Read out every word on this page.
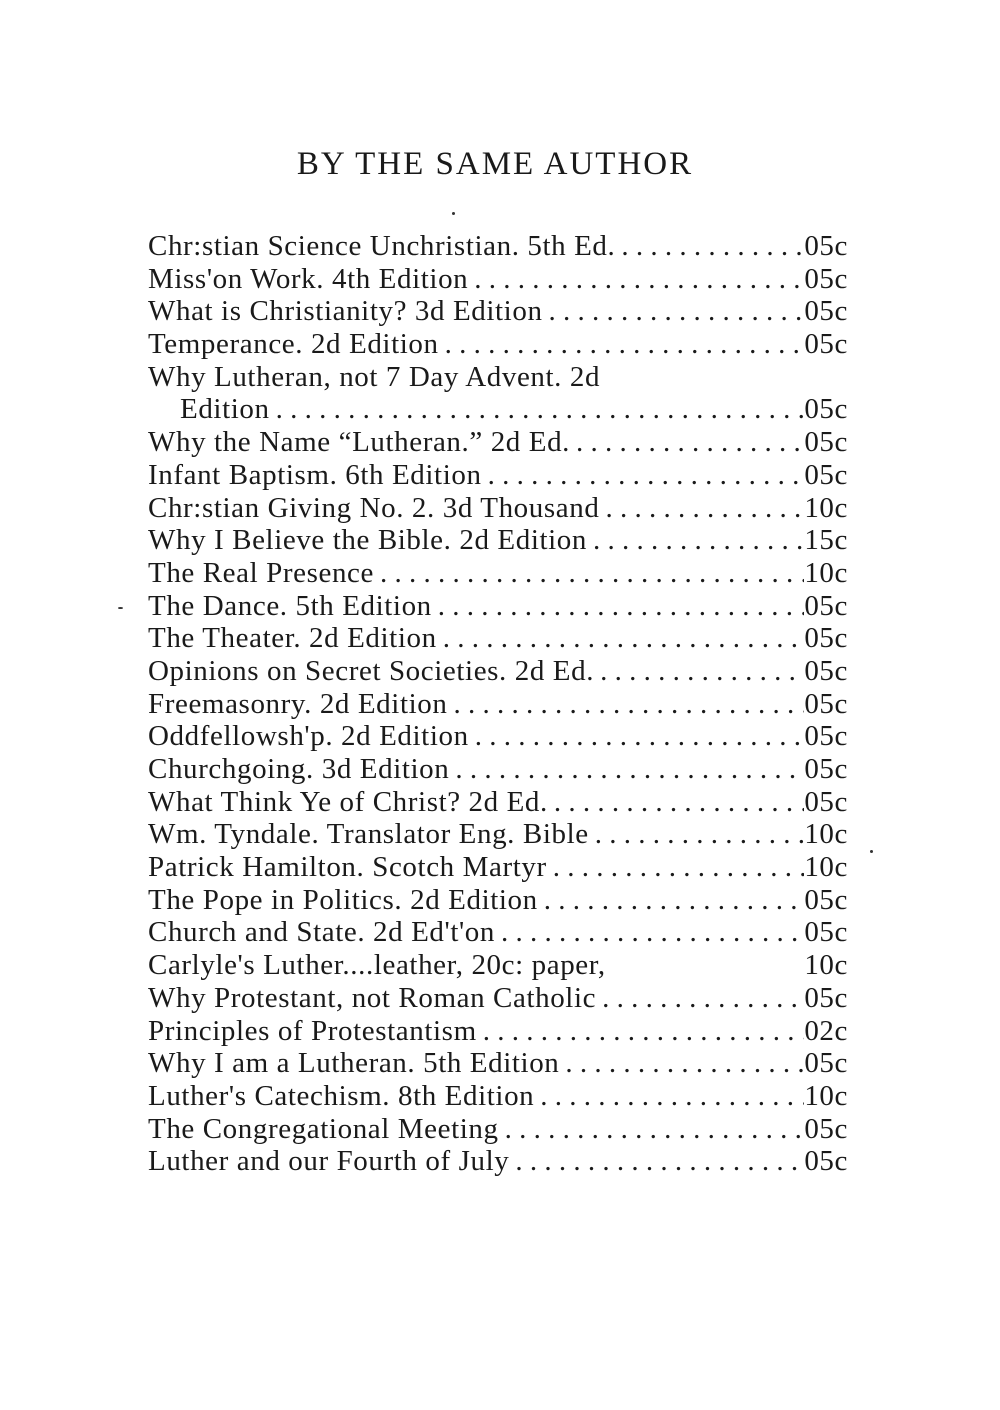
BY THE SAME AUTHOR
Chr:stian Science Unchristian. 5th Ed. . . .	05c
Miss'on Work. 4th Edition . . .	05c
What is Christianity? 3d Edition . . .	05c
Temperance. 2d Edition . . .	05c
Why Lutheran, not 7 Day Advent. 2d
Edition . . .	05c
Why the Name “Lutheran.” 2d Ed. . . .	05c
Infant Baptism. 6th Edition . . .	05c
Chr:stian Giving No. 2. 3d Thousand . . .	10c
Why I Believe the Bible. 2d Edition . . .	15c
The Real Presence . . .	10c
The Dance. 5th Edition . . .	05c
The Theater. 2d Edition . . .	05c
Opinions on Secret Societies. 2d Ed. . . .	05c
Freemasonry. 2d Edition . . .	05c
Oddfellowsh'p. 2d Edition . . .	05c
Churchgoing. 3d Edition . . .	05c
What Think Ye of Christ? 2d Ed. . . .	05c
Wm. Tyndale. Translator Eng. Bible . . .	10c
Patrick Hamilton. Scotch Martyr . . .	10c
The Pope in Politics. 2d Edition . . .	05c
Church and State. 2d Ed't'on . . .	05c
Carlyle's Luther....leather, 20c: paper,	10c
Why Protestant, not Roman Catholic . . .	05c
Principles of Protestantism . . .	02c
Why I am a Lutheran. 5th Edition . . .	05c
Luther's Catechism. 8th Edition . . .	10c
The Congregational Meeting . . .	05c
Luther and our Fourth of July . . .	05c
